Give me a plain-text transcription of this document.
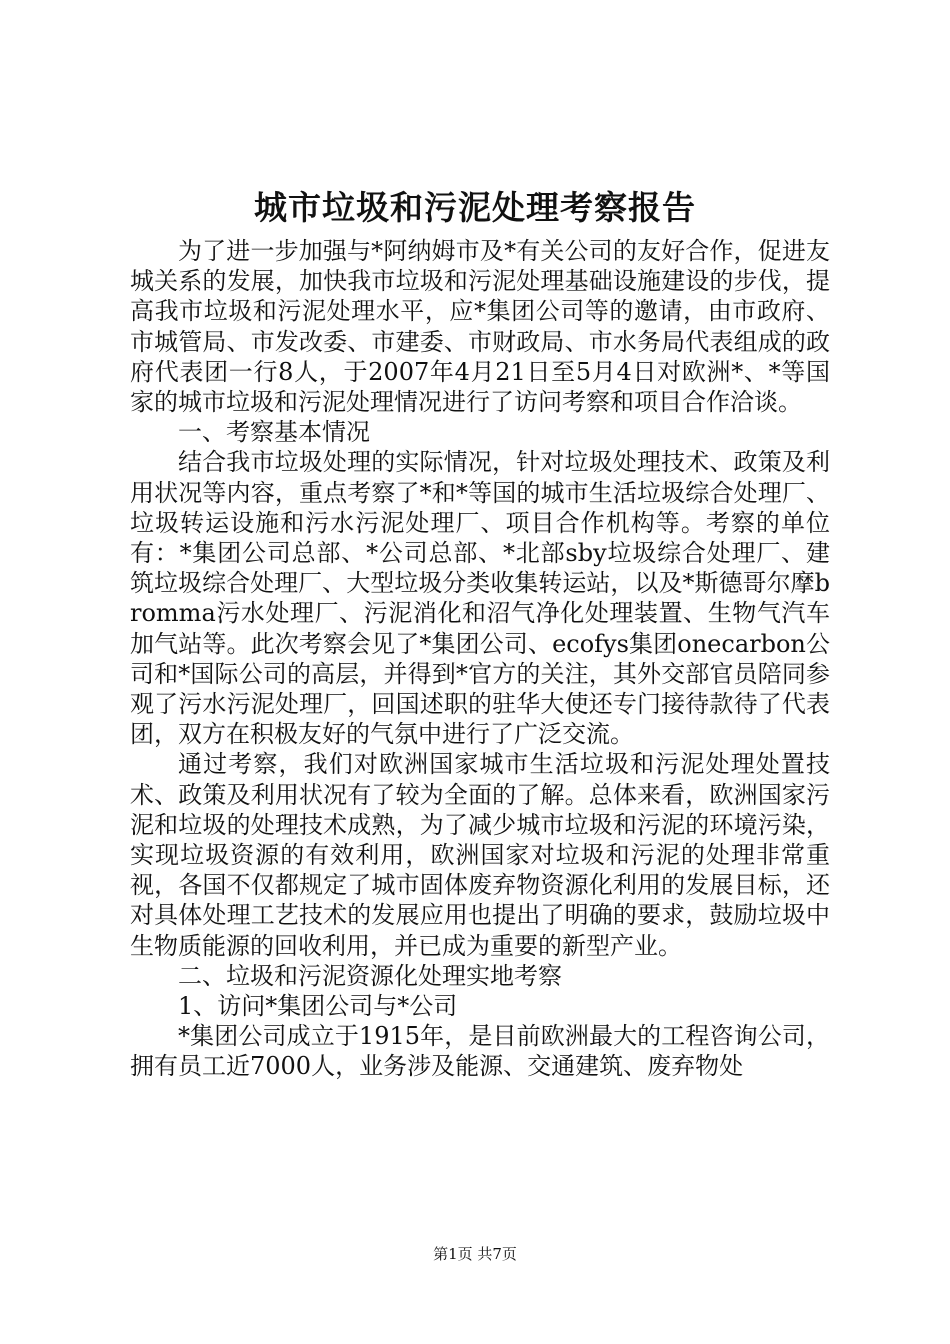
城市垃圾和污泥处理考察报告

为了进一步加强与*阿纳姆市及*有关公司的友好合作，促进友城关系的发展，加快我市垃圾和污泥处理基础设施建设的步伐，提高我市垃圾和污泥处理水平，应*集团公司等的邀请，由市政府、市城管局、市发改委、市建委、市财政局、市水务局代表组成的政府代表团一行8人，于2007年4月21日至5月4日对欧洲*、*等国家的城市垃圾和污泥处理情况进行了访问考察和项目合作洽谈。

一、考察基本情况

结合我市垃圾处理的实际情况，针对垃圾处理技术、政策及利用状况等内容，重点考察了*和*等国的城市生活垃圾综合处理厂、垃圾转运设施和污水污泥处理厂、项目合作机构等。考察的单位有：*集团公司总部、*公司总部、*北部sby垃圾综合处理厂、建筑垃圾综合处理厂、大型垃圾分类收集转运站，以及*斯德哥尔摩bromma污水处理厂、污泥消化和沼气净化处理装置、生物气汽车加气站等。此次考察会见了*集团公司、ecofys集团onecarbon公司和*国际公司的高层，并得到*官方的关注，其外交部官员陪同参观了污水污泥处理厂，回国述职的驻华大使还专门接待款待了代表团，双方在积极友好的气氛中进行了广泛交流。

通过考察，我们对欧洲国家城市生活垃圾和污泥处理处置技术、政策及利用状况有了较为全面的了解。总体来看，欧洲国家污泥和垃圾的处理技术成熟，为了减少城市垃圾和污泥的环境污染，实现垃圾资源的有效利用，欧洲国家对垃圾和污泥的处理非常重视，各国不仅都规定了城市固体废弃物资源化利用的发展目标，还对具体处理工艺技术的发展应用也提出了明确的要求，鼓励垃圾中生物质能源的回收利用，并已成为重要的新型产业。

二、垃圾和污泥资源化处理实地考察

1、访问*集团公司与*公司

*集团公司成立于1915年，是目前欧洲最大的工程咨询公司，拥有员工近7000人，业务涉及能源、交通建筑、废弃物处

第1页 共7页
